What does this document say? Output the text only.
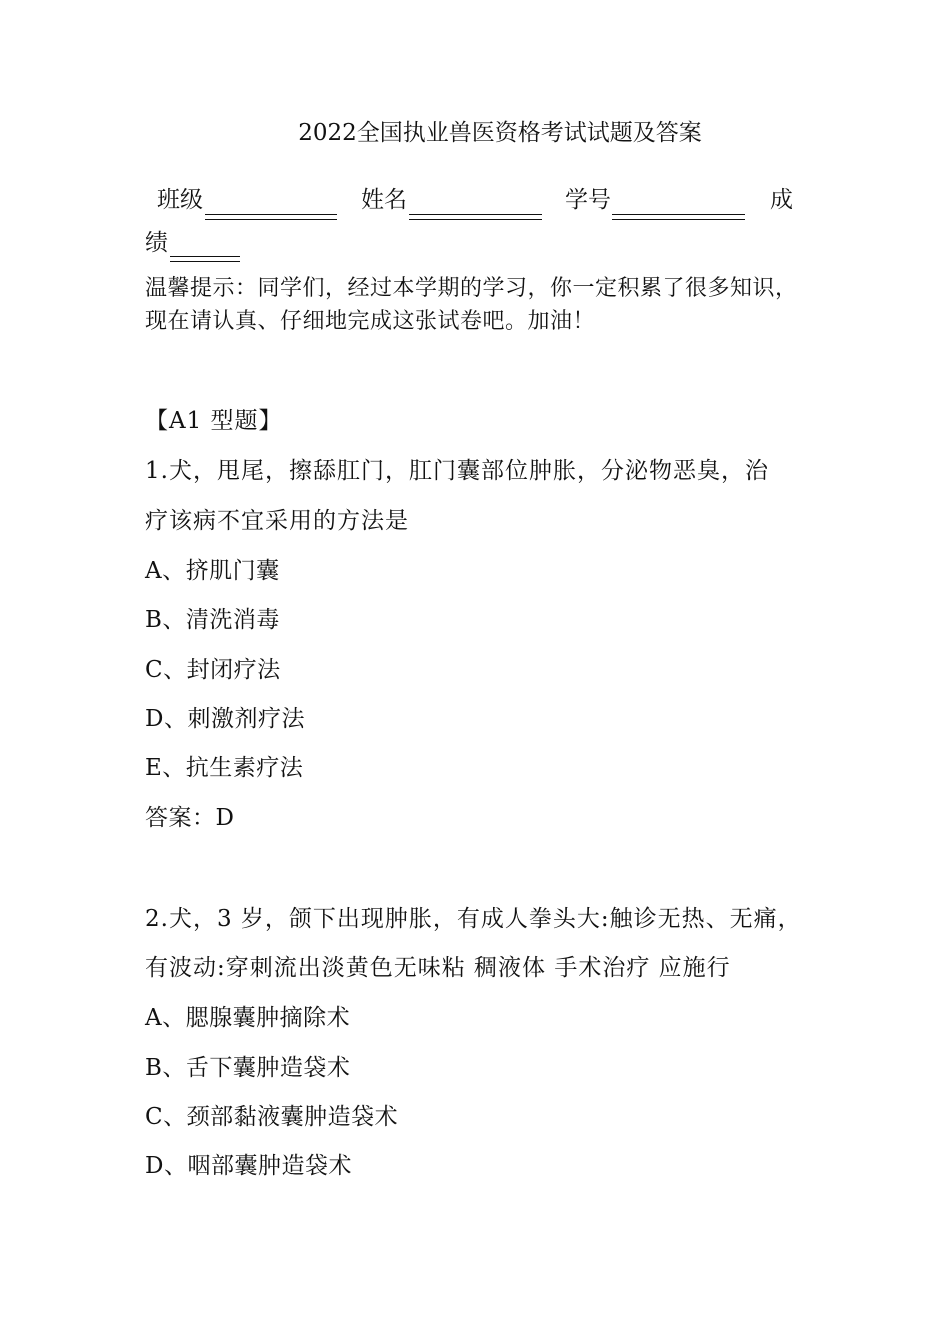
2022全国执业兽医资格考试试题及答案
班级	姓名	学号	成
绩
温馨提示：同学们，经过本学期的学习，你一定积累了很多知识，
现在请认真、仔细地完成这张试卷吧。加油！
【A1 型题】
1.犬，甩尾，擦舔肛门，肛门囊部位肿胀，分泌物恶臭，治
疗该病不宜采用的方法是
A、挤肌门囊
B、清洗消毒
C、封闭疗法
D、刺激剂疗法
E、抗生素疗法
答案：D
2.犬，3 岁，颌下出现肿胀，有成人拳头大:触诊无热、无痛，
有波动:穿刺流出淡黄色无味粘 稠液体 手术治疗 应施行
A、腮腺囊肿摘除术
B、舌下囊肿造袋术
C、颈部黏液囊肿造袋术
D、咽部囊肿造袋术
